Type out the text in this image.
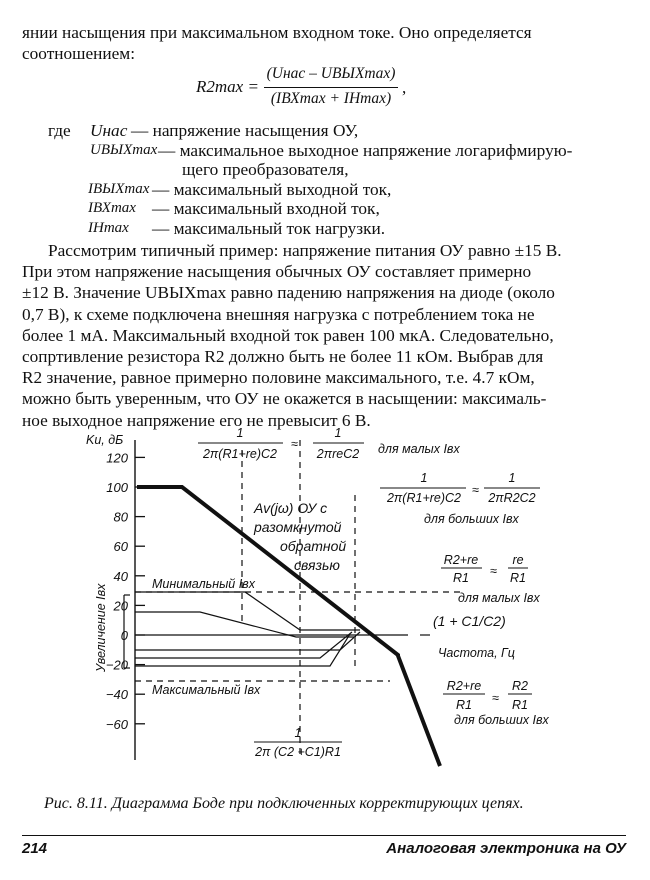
янии насыщения при максимальном входном токе. Оно определяется
соотношением:

R2max =
(Uнас – UВЫХmax)
(IВХmax + IHmax)
,
где Uнас — напряжение насыщения ОУ,
UВЫХmax — максимальное выходное напряжение логарифмирую-
щего преобразователя,
IВЫХmax — максимальный выходной ток,
IВХmax — максимальный входной ток,
IHmax — максимальный ток нагрузки.

Рассмотрим типичный пример: напряжение питания ОУ равно ±15 В.
При этом напряжение насыщения обычных ОУ составляет примерно
±12 В. Значение UВЫХmax равно падению напряжения на диоде (около
0,7 В), к схеме подключена внешняя нагрузка с потреблением тока не
более 1 мА. Максимальный входной ток равен 100 мкА. Следовательно,
сопртивление резистора R2 должно быть не более 11 кОм. Выбрав для
R2 значение, равное примерно половине максимального, т.е. 4.7 кОм,
можно быть уверенным, что ОУ не окажется в насыщении: максималь-
ное выходное напряжение его не превысит 6 В.

120
100
80
60
40
20
0
−20
−40
−60
Ku, дБ
Частота, Гц
Увеличение Iвх
1
2π(R1+re)C2
≈
1
2πreC2 для малых Iвх
1
2π(R1+re)C2
≈
1
2πR2C2
для больших Iвх
Av(jω) ОУ с
разомкнутой
обратной
связью	R2+re
R1 ≈
re
R1
для малых Iвх
(1 + C1/C2)
R2+re
R1 ≈
R2
R1
для больших Iвх
Минимальный Iвх
Максимальный Iвх
1
2π (C2 +C1)R1
Рис. 8.11. Диаграмма Боде при подключенных корректирующих цепях.
214	Аналоговая электроника на ОУ
